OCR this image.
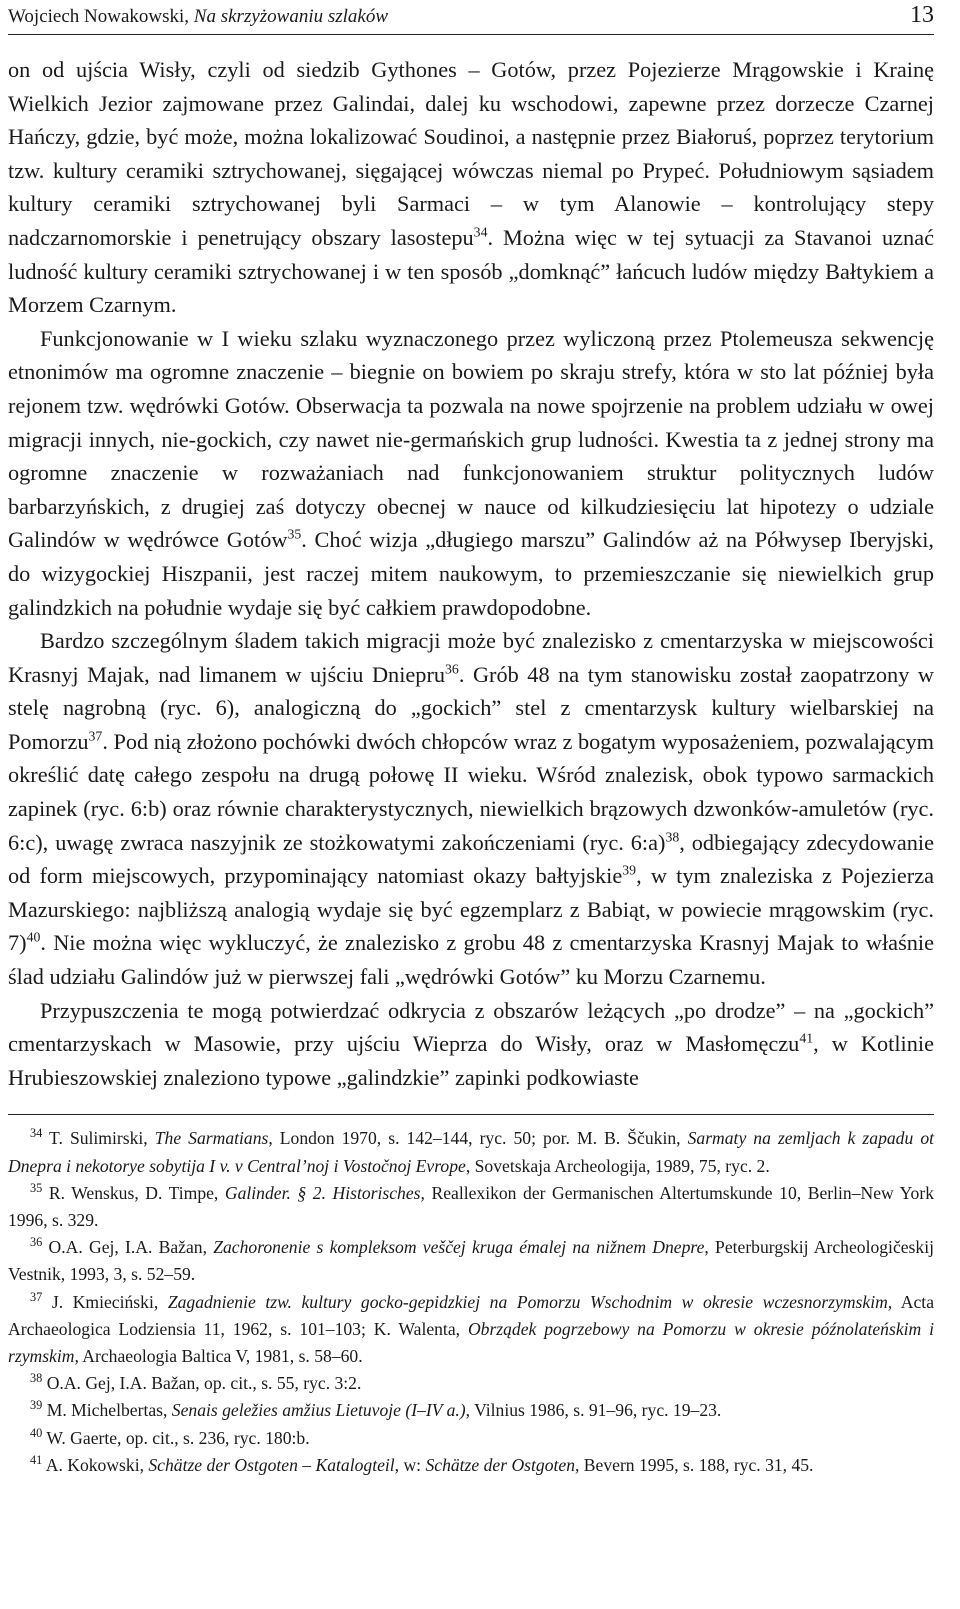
Wojciech Nowakowski, Na skrzyżowaniu szlaków	13

on od ujścia Wisły, czyli od siedzib Gythones – Gotów, przez Pojezierze Mrągowskie i Krainę Wielkich Jezior zajmowane przez Galindai, dalej ku wschodowi, zapewne przez dorzecze Czarnej Hańczy, gdzie, być może, można lokalizować Soudinoi, a następnie przez Białoruś, poprzez terytorium tzw. kultury ceramiki sztrychowanej, sięgającej wówczas niemal po Prypeć. Południowym sąsiadem kultury ceramiki sztrychowanej byli Sarmaci – w tym Alanowie – kontrolujący stepy nadczarnomorskie i penetrujący obszary lasostepu$^{34}$. Można więc w tej sytuacji za Stavanoi uznać ludność kultury ceramiki sztrychowanej i w ten sposób „domknąć” łańcuch ludów między Bałtykiem a Morzem Czarnym.

Funkcjonowanie w I wieku szlaku wyznaczonego przez wyliczoną przez Ptolemeusza sekwencję etnonimów ma ogromne znaczenie – biegnie on bowiem po skraju strefy, która w sto lat później była rejonem tzw. wędrówki Gotów. Obserwacja ta pozwala na nowe spojrzenie na problem udziału w owej migracji innych, nie-gockich, czy nawet nie-germańskich grup ludności. Kwestia ta z jednej strony ma ogromne znaczenie w rozważaniach nad funkcjonowaniem struktur politycznych ludów barbarzyńskich, z drugiej zaś dotyczy obecnej w nauce od kilkudziesięciu lat hipotezy o udziale Galindów w wędrówce Gotów$^{35}$. Choć wizja „długiego marszu” Galindów aż na Półwysep Iberyjski, do wizygockiej Hiszpanii, jest raczej mitem naukowym, to przemieszczanie się niewielkich grup galindzkich na południe wydaje się być całkiem prawdopodobne.

Bardzo szczególnym śladem takich migracji może być znalezisko z cmentarzyska w miejscowości Krasnyj Majak, nad limanem w ujściu Dniepru$^{36}$. Grób 48 na tym stanowisku został zaopatrzony w stelę nagrobną (ryc. 6), analogiczną do „gockich” stel z cmentarzysk kultury wielbarskiej na Pomorzu$^{37}$. Pod nią złożono pochówki dwóch chłopców wraz z bogatym wyposażeniem, pozwalającym określić datę całego zespołu na drugą połowę II wieku. Wśród znalezisk, obok typowo sarmackich zapinek (ryc. 6:b) oraz równie charakterystycznych, niewielkich brązowych dzwonków-amuletów (ryc. 6:c), uwagę zwraca naszyjnik ze stożkowatymi zakończeniami (ryc. 6:a)$^{38}$, odbiegający zdecydowanie od form miejscowych, przypominający natomiast okazy bałtyjskie$^{39}$, w tym znaleziska z Pojezierza Mazurskiego: najbliższą analogią wydaje się być egzemplarz z Babiąt, w powiecie mrągowskim (ryc. 7)$^{40}$. Nie można więc wykluczyć, że znalezisko z grobu 48 z cmentarzyska Krasnyj Majak to właśnie ślad udziału Galindów już w pierwszej fali „wędrówki Gotów” ku Morzu Czarnemu.

Przypuszczenia te mogą potwierdzać odkrycia z obszarów leżących „po drodze” – na „gockich” cmentarzyskach w Masowie, przy ujściu Wieprza do Wisły, oraz w Masłomęczu$^{41}$, w Kotlinie Hrubieszowskiej znaleziono typowe „galindzkie” zapinki podkowiaste

$^{34}$ T. Sulimirski, The Sarmatians, London 1970, s. 142–144, ryc. 50; por. M. B. Ščukin, Sarmaty na zemljach k zapadu ot Dnepra i nekotorye sobytija I v. v Central’noj i Vostočnoj Evrope, Sovetskaja Archeologija, 1989, 75, ryc. 2.

$^{35}$ R. Wenskus, D. Timpe, Galinder. § 2. Historisches, Reallexikon der Germanischen Altertumskunde 10, Berlin–New York 1996, s. 329.

$^{36}$ O.A. Gej, I.A. Bažan, Zachoronenie s kompleksom veščej kruga émalej na nižnem Dnepre, Peterburgskij Archeologičeskij Vestnik, 1993, 3, s. 52–59.

$^{37}$ J. Kmieciński, Zagadnienie tzw. kultury gocko-gepidzkiej na Pomorzu Wschodnim w okresie wczesnorzymskim, Acta Archaeologica Lodziensia 11, 1962, s. 101–103; K. Walenta, Obrządek pogrzebowy na Pomorzu w okresie późnolateńskim i rzymskim, Archaeologia Baltica V, 1981, s. 58–60.

$^{38}$ O.A. Gej, I.A. Bažan, op. cit., s. 55, ryc. 3:2.

$^{39}$ M. Michelbertas, Senais geležies amžius Lietuvoje (I–IV a.), Vilnius 1986, s. 91–96, ryc. 19–23.

$^{40}$ W. Gaerte, op. cit., s. 236, ryc. 180:b.

$^{41}$ A. Kokowski, Schätze der Ostgoten – Katalogteil, w: Schätze der Ostgoten, Bevern 1995, s. 188, ryc. 31, 45.
